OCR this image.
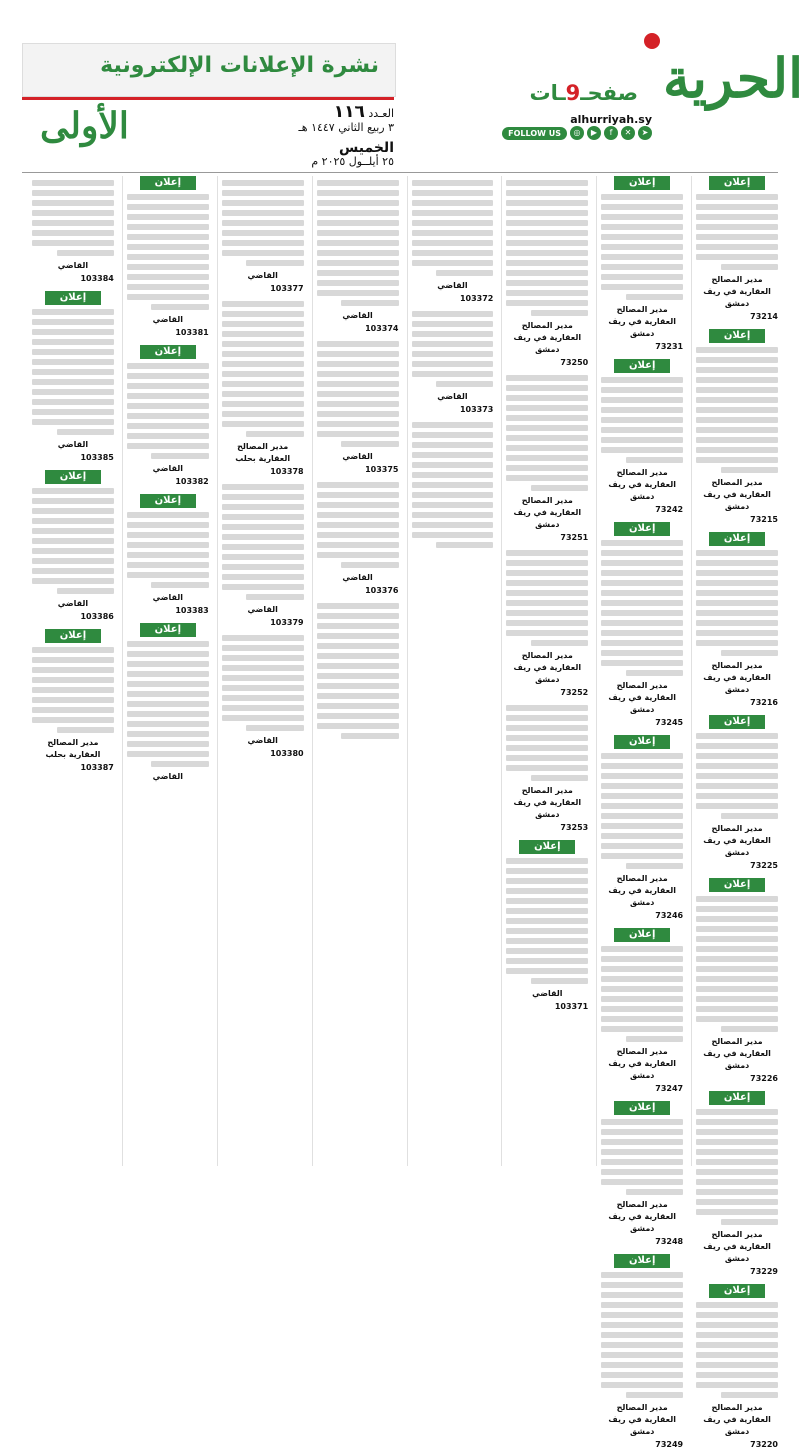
الحرية
صفحـ9ـات
alhurriyah.sy
FOLLOW US	◎	▶	f	✕	➤
نشرة الإعلانات الإلكترونية
العـدد ١١٦
٣ ربيع الثاني ١٤٤٧ هـ
الخميس
٢٥ أيلــول ٢٠٢٥ م
الأولى
إعلان
مدير المصالح العقارية في ريف دمشق
73214
إعلان
مدير المصالح العقارية في ريف دمشق
73215
إعلان
مدير المصالح العقارية في ريف دمشق
73216
إعلان
مدير المصالح العقارية في ريف دمشق
73225
إعلان
مدير المصالح العقارية في ريف دمشق
73226
إعلان
مدير المصالح العقارية في ريف دمشق
73229
إعلان
مدير المصالح العقارية في ريف دمشق
73220
إعلان
مدير المصالح العقارية في ريف دمشق
73231
إعلان
مدير المصالح العقارية في ريف دمشق
73242
إعلان
مدير المصالح العقارية في ريف دمشق
73245
إعلان
مدير المصالح العقارية في ريف دمشق
73246
إعلان
مدير المصالح العقارية في ريف دمشق
73247
إعلان
مدير المصالح العقارية في ريف دمشق
73248
إعلان
مدير المصالح العقارية في ريف دمشق
73249
مدير المصالح العقارية في ريف دمشق
73250
مدير المصالح العقارية في ريف دمشق
73251
مدير المصالح العقارية في ريف دمشق
73252
مدير المصالح العقارية في ريف دمشق
73253
إعلان
القاضي
103371
القاضي
103372
القاضي
103373
القاضي
103374
القاضي
103375
القاضي
103376
القاضي
103377
مدير المصالح العقارية بحلب
103378
القاضي
103379
القاضي
103380
إعلان
القاضي
103381
إعلان
القاضي
103382
إعلان
القاضي
103383
إعلان
القاضي
القاضي
103384
إعلان
القاضي
103385
إعلان
القاضي
103386
إعلان
مدير المصالح العقارية بحلب
103387
